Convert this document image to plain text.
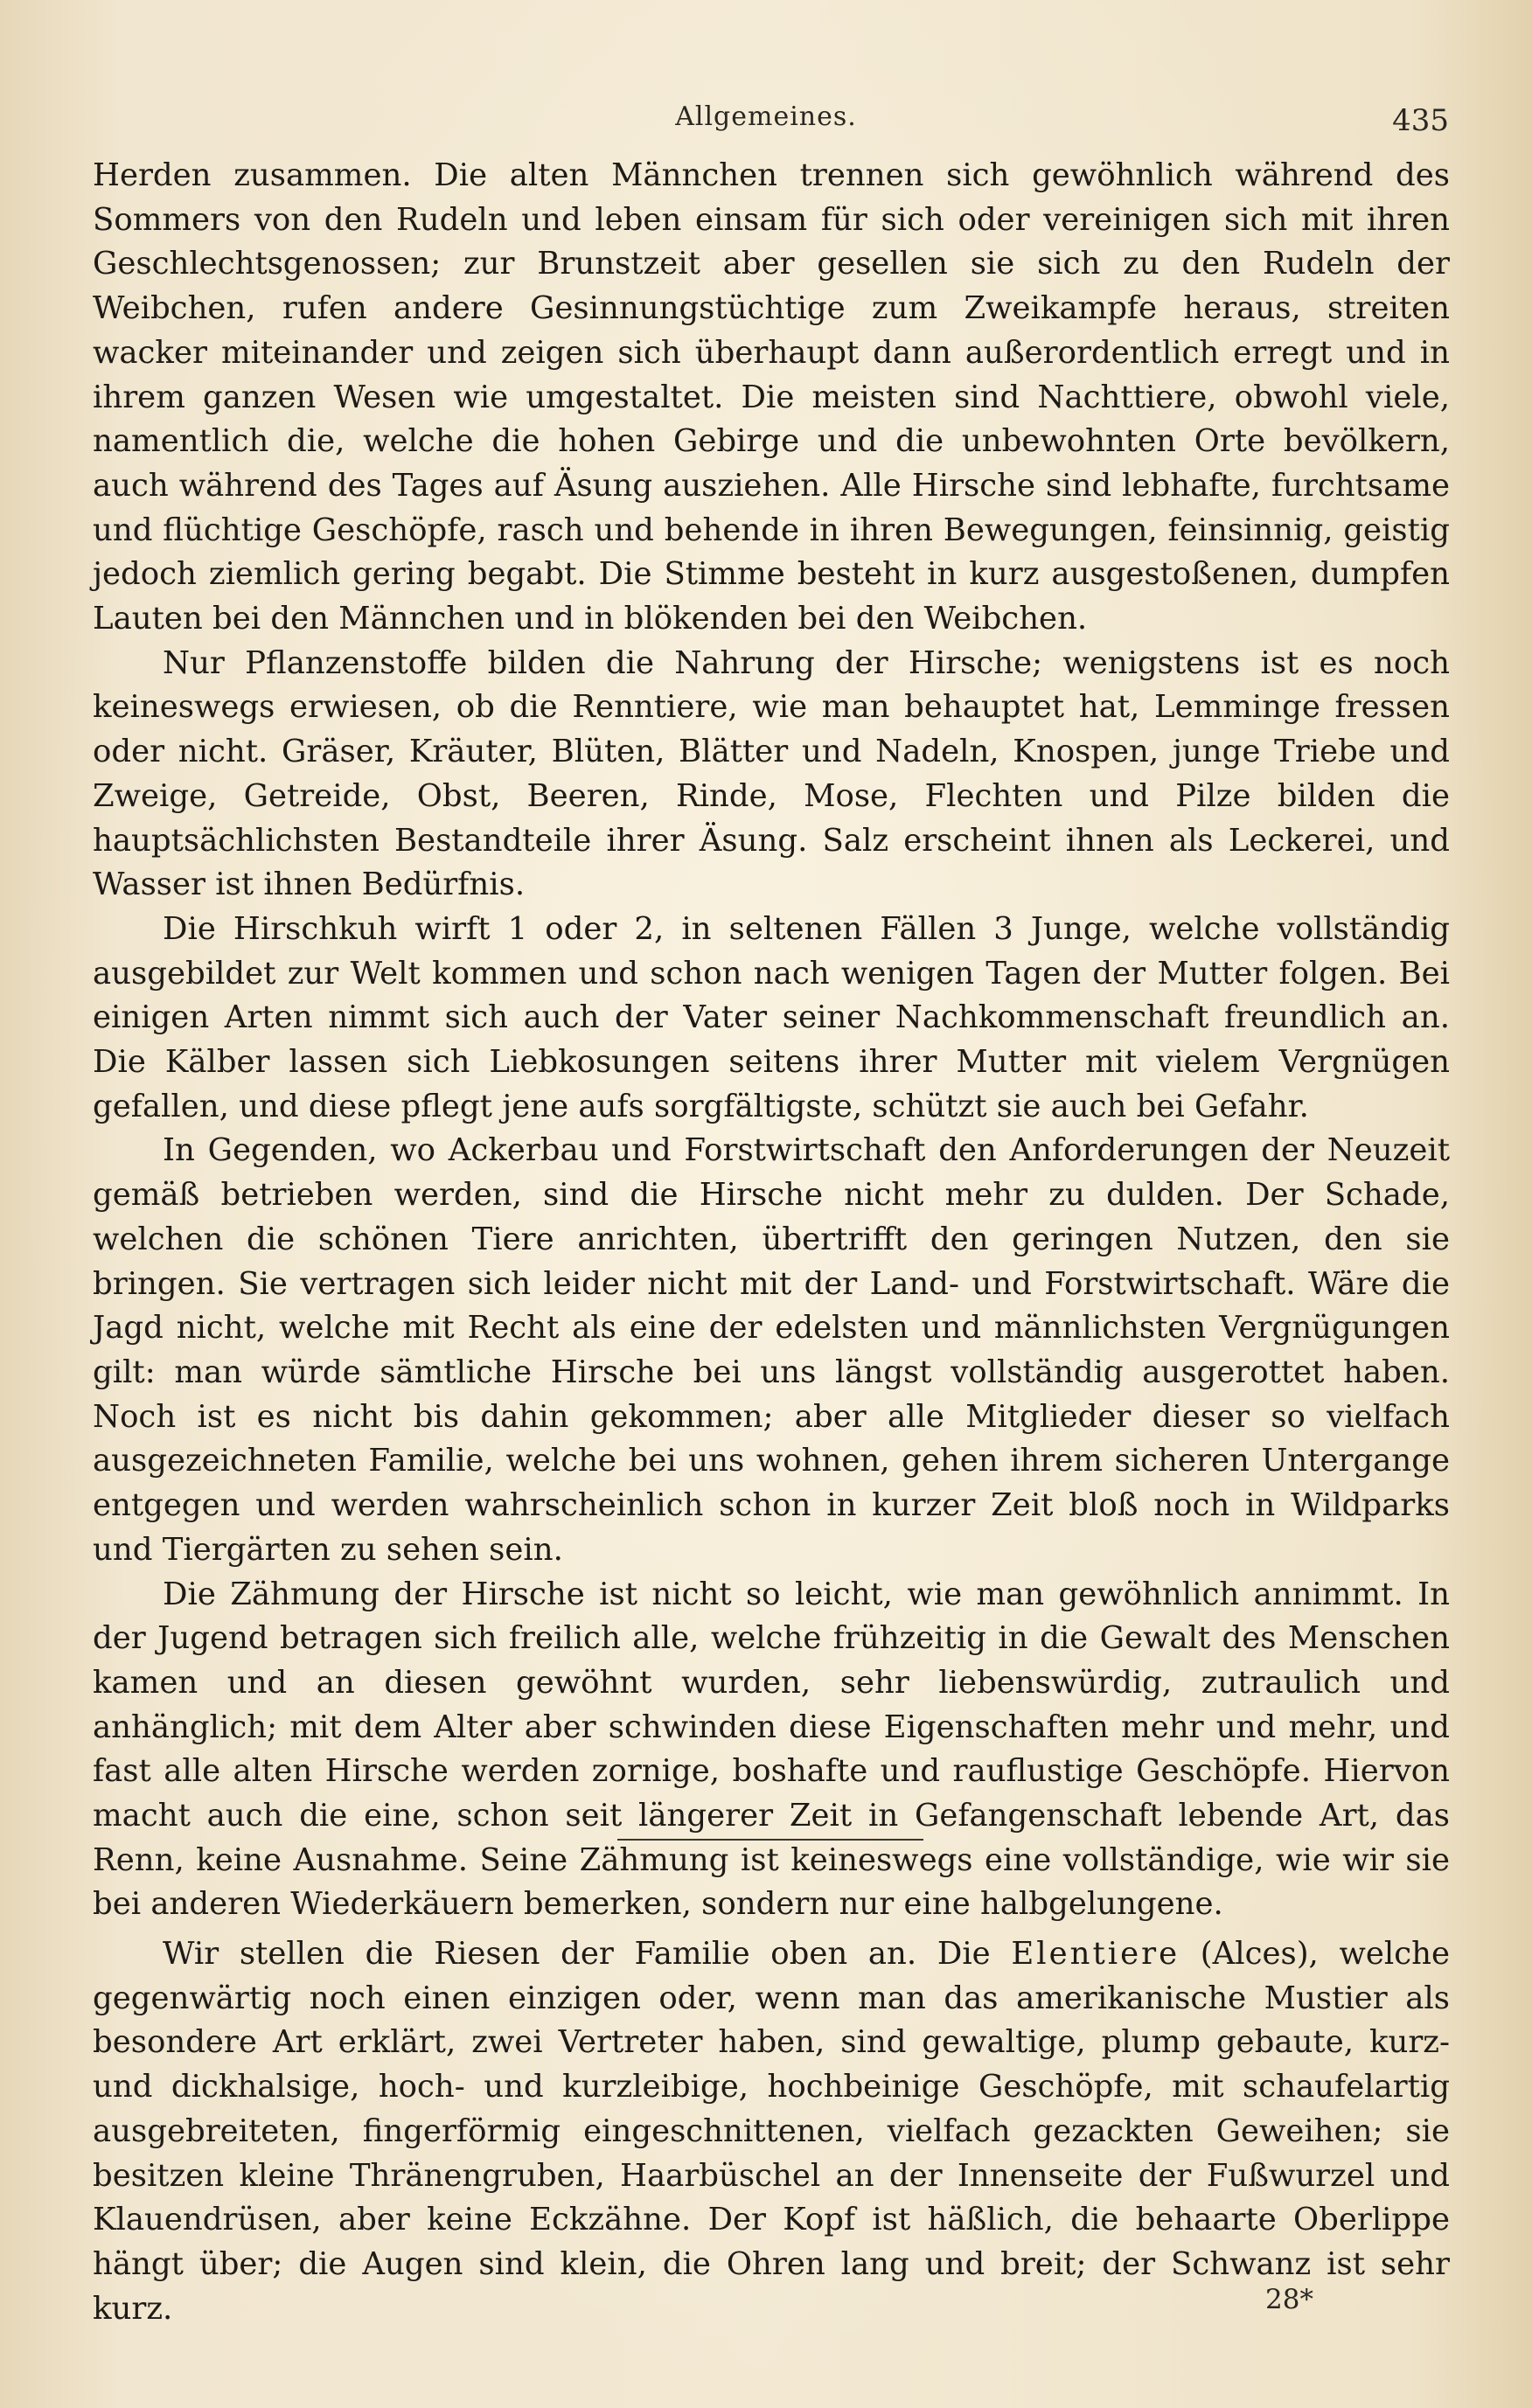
Allgemeines.	435

Herden zusammen. Die alten Männchen trennen sich gewöhnlich während des Sommers von den Rudeln und leben einsam für sich oder vereinigen sich mit ihren Geschlechtsgenossen; zur Brunstzeit aber gesellen sie sich zu den Rudeln der Weibchen, rufen andere Gesinnungstüchtige zum Zweikampfe heraus, streiten wacker miteinander und zeigen sich überhaupt dann außerordentlich erregt und in ihrem ganzen Wesen wie umgestaltet. Die meisten sind Nachttiere, obwohl viele, namentlich die, welche die hohen Gebirge und die unbewohnten Orte bevölkern, auch während des Tages auf Äsung ausziehen. Alle Hirsche sind lebhafte, furchtsame und flüchtige Geschöpfe, rasch und behende in ihren Bewegungen, feinsinnig, geistig jedoch ziemlich gering begabt. Die Stimme besteht in kurz ausgestoßenen, dumpfen Lauten bei den Männchen und in blökenden bei den Weibchen.

Nur Pflanzenstoffe bilden die Nahrung der Hirsche; wenigstens ist es noch keineswegs erwiesen, ob die Renntiere, wie man behauptet hat, Lemminge fressen oder nicht. Gräser, Kräuter, Blüten, Blätter und Nadeln, Knospen, junge Triebe und Zweige, Getreide, Obst, Beeren, Rinde, Mose, Flechten und Pilze bilden die hauptsächlichsten Bestandteile ihrer Äsung. Salz erscheint ihnen als Leckerei, und Wasser ist ihnen Bedürfnis.

Die Hirschkuh wirft 1 oder 2, in seltenen Fällen 3 Junge, welche vollständig ausgebildet zur Welt kommen und schon nach wenigen Tagen der Mutter folgen. Bei einigen Arten nimmt sich auch der Vater seiner Nachkommenschaft freundlich an. Die Kälber lassen sich Liebkosungen seitens ihrer Mutter mit vielem Vergnügen gefallen, und diese pflegt jene aufs sorgfältigste, schützt sie auch bei Gefahr.

In Gegenden, wo Ackerbau und Forstwirtschaft den Anforderungen der Neuzeit gemäß betrieben werden, sind die Hirsche nicht mehr zu dulden. Der Schade, welchen die schönen Tiere anrichten, übertrifft den geringen Nutzen, den sie bringen. Sie vertragen sich leider nicht mit der Land- und Forstwirtschaft. Wäre die Jagd nicht, welche mit Recht als eine der edelsten und männlichsten Vergnügungen gilt: man würde sämtliche Hirsche bei uns längst vollständig ausgerottet haben. Noch ist es nicht bis dahin gekommen; aber alle Mitglieder dieser so vielfach ausgezeichneten Familie, welche bei uns wohnen, gehen ihrem sicheren Untergange entgegen und werden wahrscheinlich schon in kurzer Zeit bloß noch in Wildparks und Tiergärten zu sehen sein.

Die Zähmung der Hirsche ist nicht so leicht, wie man gewöhnlich annimmt. In der Jugend betragen sich freilich alle, welche frühzeitig in die Gewalt des Menschen kamen und an diesen gewöhnt wurden, sehr liebenswürdig, zutraulich und anhänglich; mit dem Alter aber schwinden diese Eigenschaften mehr und mehr, und fast alle alten Hirsche werden zornige, boshafte und rauflustige Geschöpfe. Hiervon macht auch die eine, schon seit längerer Zeit in Gefangenschaft lebende Art, das Renn, keine Ausnahme. Seine Zähmung ist keineswegs eine vollständige, wie wir sie bei anderen Wiederkäuern bemerken, sondern nur eine halbgelungene.

Wir stellen die Riesen der Familie oben an. Die Elentiere (Alces), welche gegenwärtig noch einen einzigen oder, wenn man das amerikanische Mustier als besondere Art erklärt, zwei Vertreter haben, sind gewaltige, plump gebaute, kurz- und dickhalsige, hoch- und kurzleibige, hochbeinige Geschöpfe, mit schaufelartig ausgebreiteten, fingerförmig eingeschnittenen, vielfach gezackten Geweihen; sie besitzen kleine Thränengruben, Haarbüschel an der Innenseite der Fußwurzel und Klauendrüsen, aber keine Eckzähne. Der Kopf ist häßlich, die behaarte Oberlippe hängt über; die Augen sind klein, die Ohren lang und breit; der Schwanz ist sehr kurz.	28*
